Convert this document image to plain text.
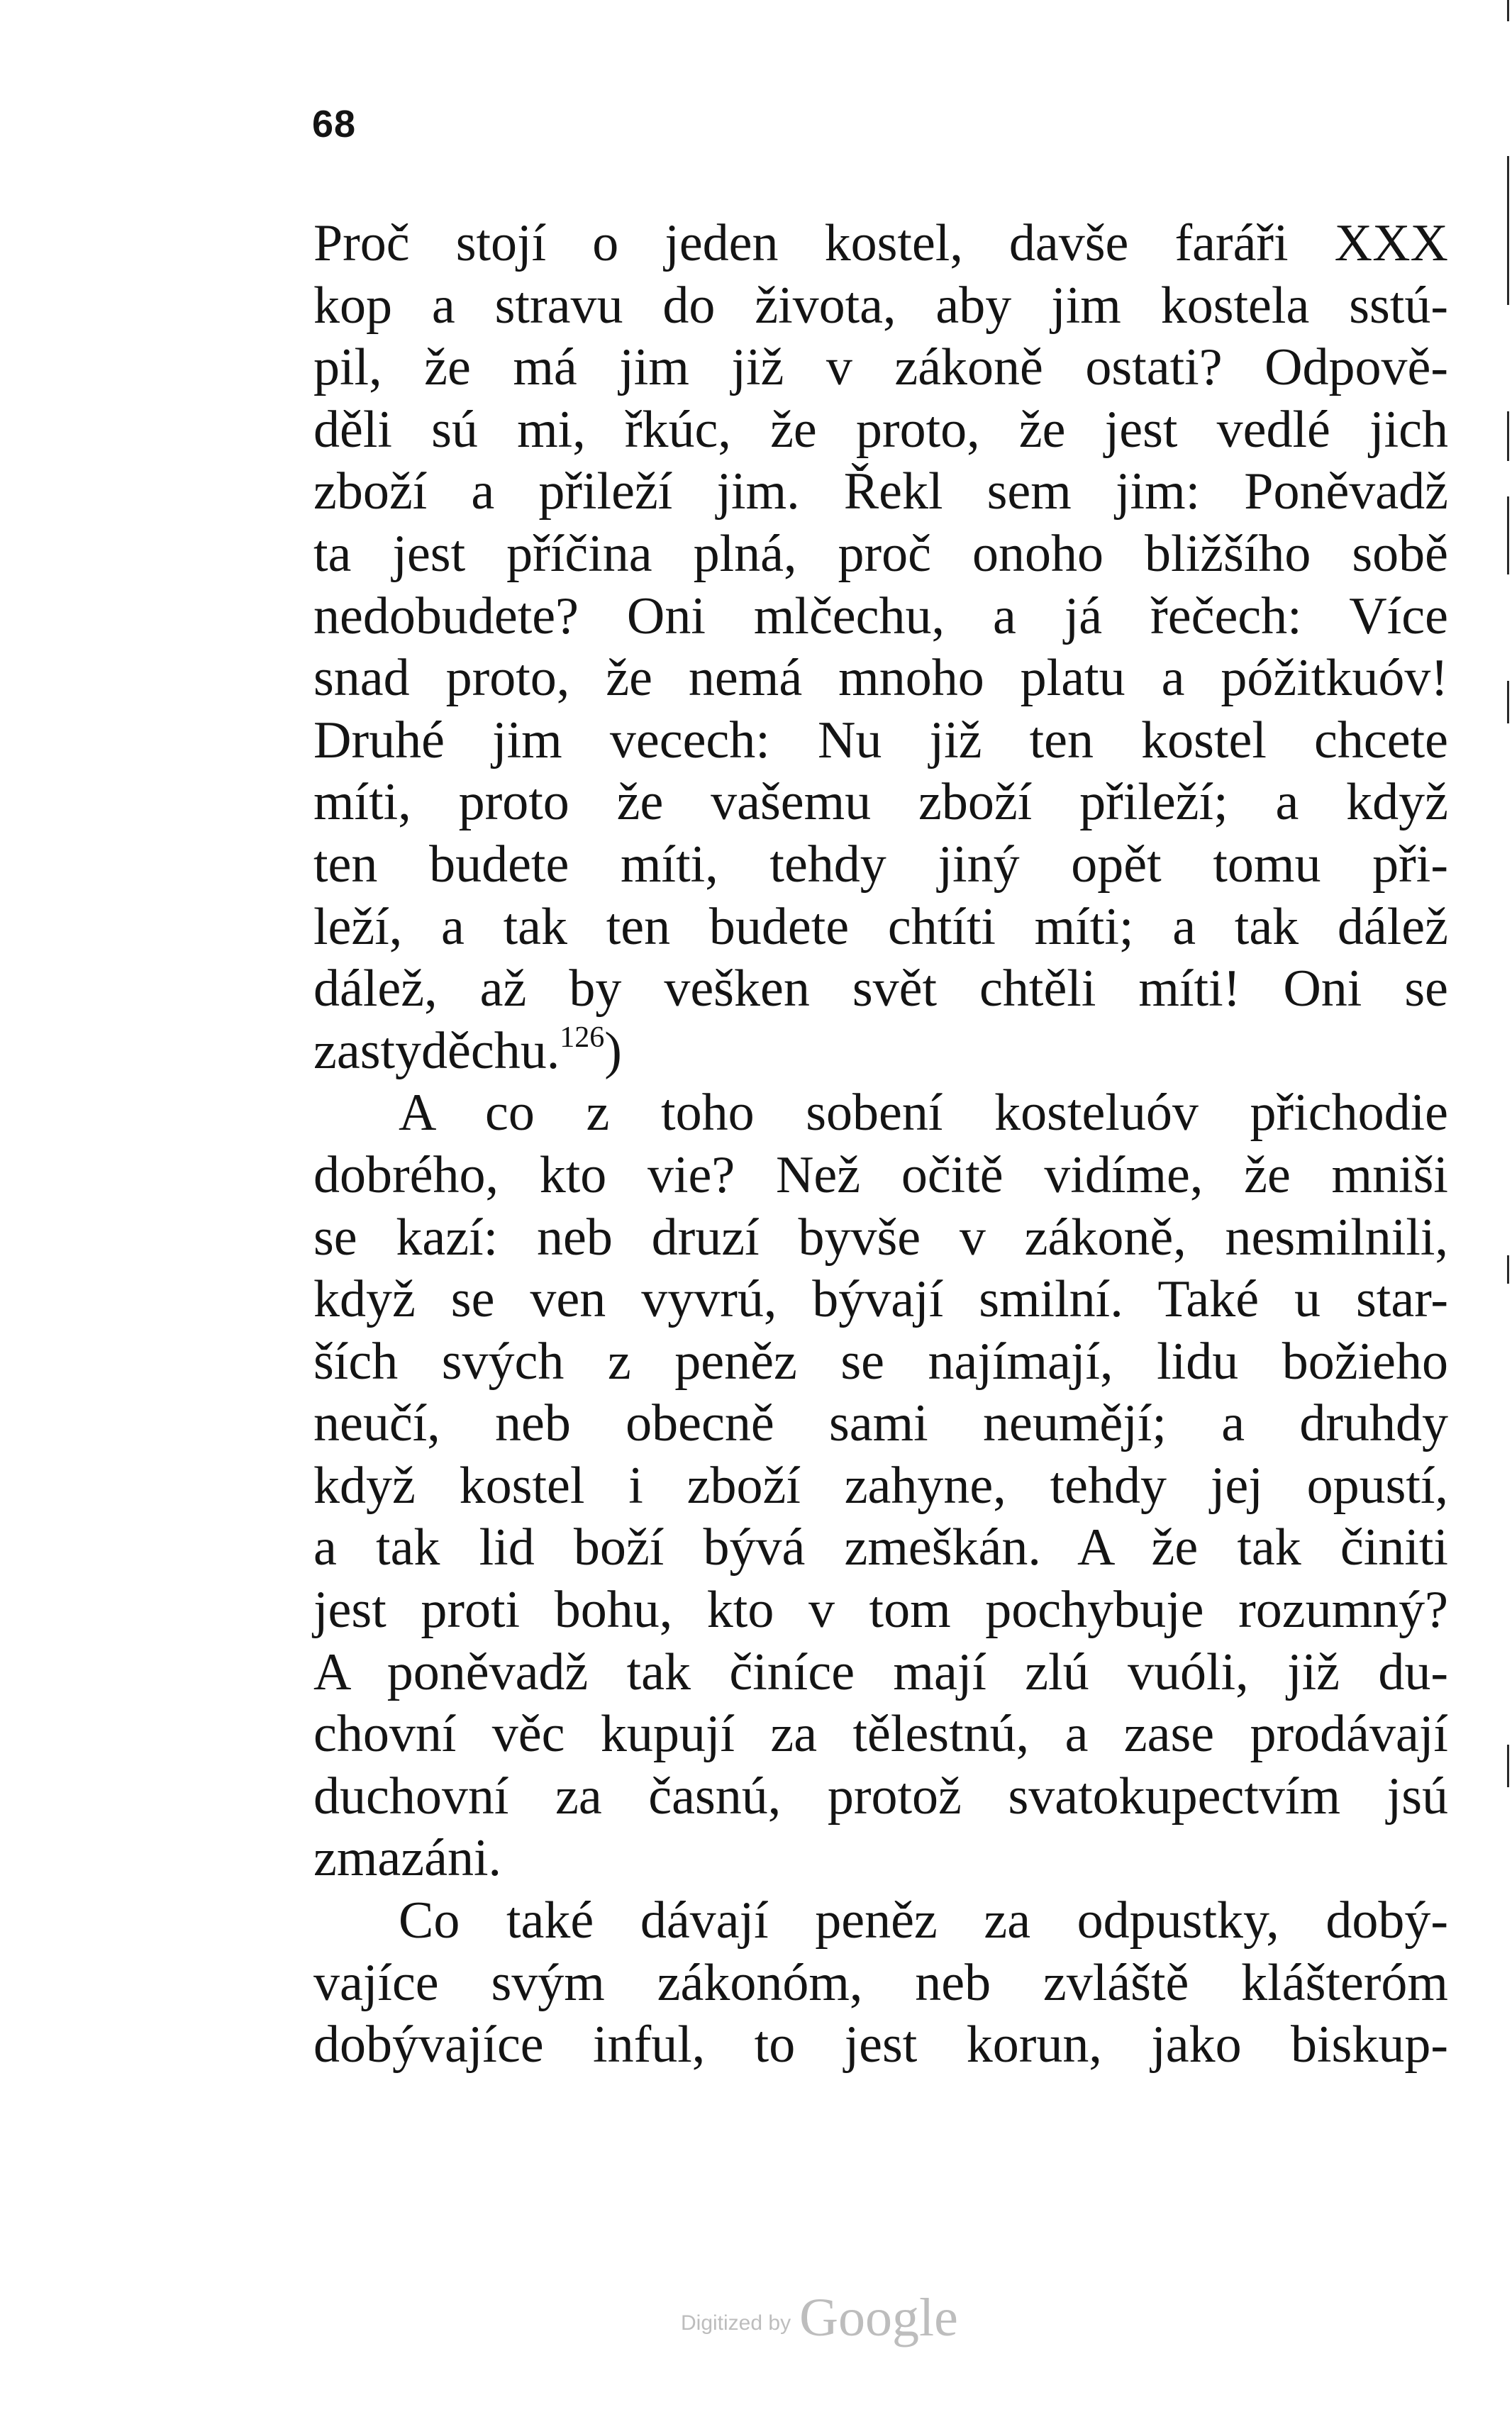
68
Proč stojí o jeden kostel, davše faráři XXX
kop a stravu do života, aby jim kostela sstú-
pil, že má jim již v zákoně ostati? Odpově-
děli sú mi, řkúc, že proto, že jest vedlé jich
zboží a přileží jim. Řekl sem jim: Poněvadž
ta jest příčina plná, proč onoho bližšího sobě
nedobudete? Oni mlčechu, a já řečech: Více
snad proto, že nemá mnoho platu a póžitkuóv!
Druhé jim vecech: Nu již ten kostel chcete
míti, proto že vašemu zboží přileží; a když
ten budete míti, tehdy jiný opět tomu při-
leží, a tak ten budete chtíti míti; a tak dálež
dálež, až by vešken svět chtěli míti! Oni se
zastyděchu.$^{126}$)
A co z toho sobení kosteluóv přichodie
dobrého, kto vie? Než očitě vidíme, že mniši
se kazí: neb druzí byvše v zákoně, nesmilnili,
když se ven vyvrú, bývají smilní. Také u star-
ších svých z peněz se najímají, lidu božieho
neučí, neb obecně sami neumějí; a druhdy
když kostel i zboží zahyne, tehdy jej opustí,
a tak lid boží bývá zmeškán. A že tak činiti
jest proti bohu, kto v tom pochybuje rozumný?
A poněvadž tak činíce mají zlú vuóli, již du-
chovní věc kupují za tělestnú, a zase prodávají
duchovní za časnú, protož svatokupectvím jsú
zmazáni.
Co také dávají peněz za odpustky, dobý-
vajíce svým zákonóm, neb zvláště klášteróm
dobývajíce inful, to jest korun, jako biskup-
Digitized by Google
